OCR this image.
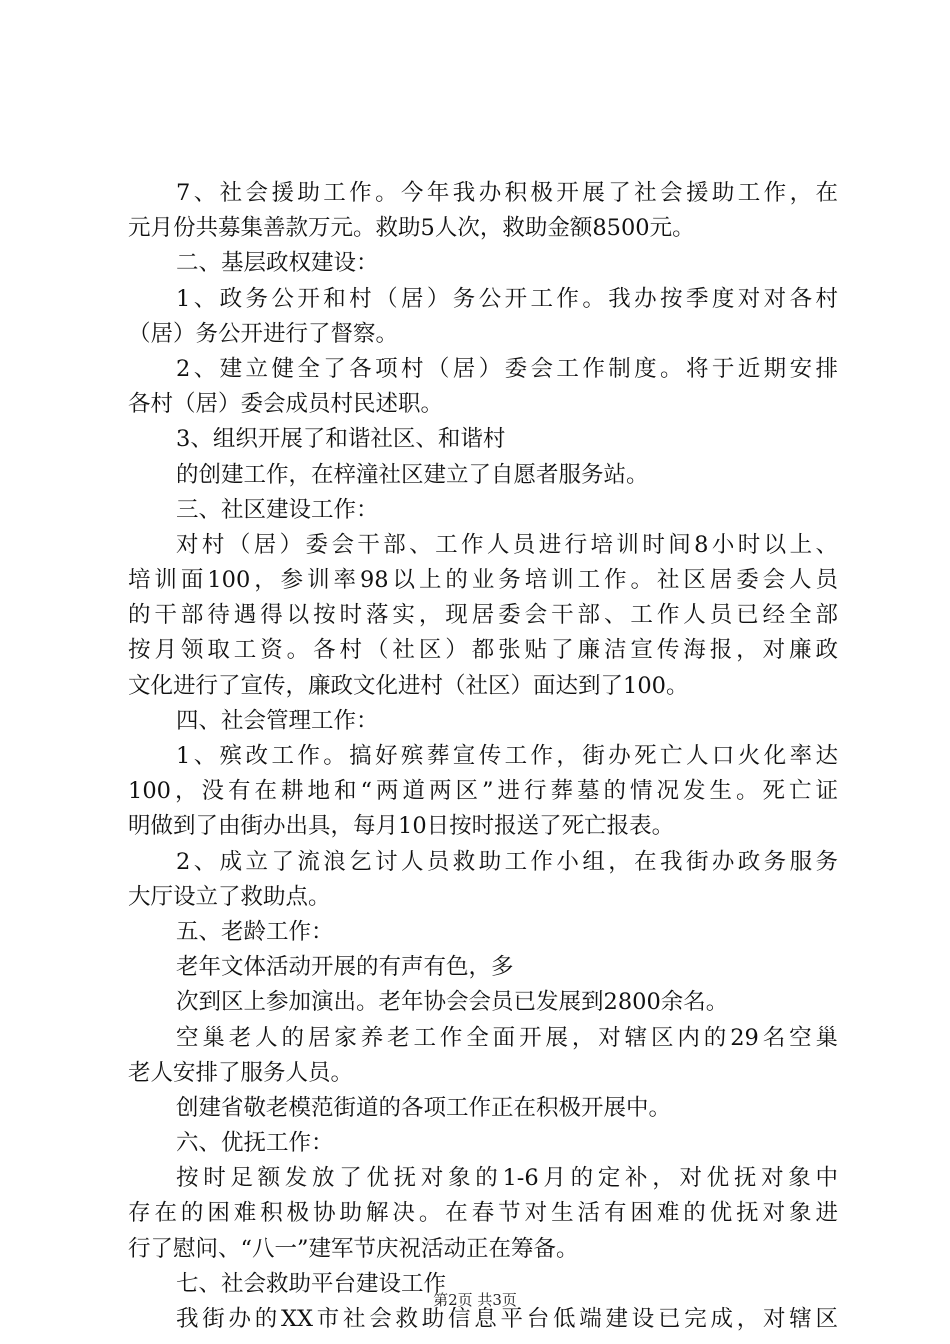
7、社会援助工作。今年我办积极开展了社会援助工作，在
元月份共募集善款万元。救助5人次，救助金额8500元。
二、基层政权建设：
1、政务公开和村（居）务公开工作。我办按季度对对各村
（居）务公开进行了督察。
2、建立健全了各项村（居）委会工作制度。将于近期安排
各村（居）委会成员村民述职。
3、组织开展了和谐社区、和谐村
的创建工作，在梓潼社区建立了自愿者服务站。
三、社区建设工作：
对村（居）委会干部、工作人员进行培训时间8小时以上、
培训面100，参训率98以上的业务培训工作。社区居委会人员
的干部待遇得以按时落实，现居委会干部、工作人员已经全部
按月领取工资。各村（社区）都张贴了廉洁宣传海报，对廉政
文化进行了宣传，廉政文化进村（社区）面达到了100。
四、社会管理工作：
1、殡改工作。搞好殡葬宣传工作，街办死亡人口火化率达
100，没有在耕地和“两道两区”进行葬墓的情况发生。死亡证
明做到了由街办出具，每月10日按时报送了死亡报表。
2、成立了流浪乞讨人员救助工作小组，在我街办政务服务
大厅设立了救助点。
五、老龄工作：
老年文体活动开展的有声有色，多
次到区上参加演出。老年协会会员已发展到2800余名。
空巢老人的居家养老工作全面开展，对辖区内的29名空巢
老人安排了服务人员。
创建省敬老模范街道的各项工作正在积极开展中。
六、优抚工作：
按时足额发放了优抚对象的1-6月的定补，对优抚对象中
存在的困难积极协助解决。在春节对生活有困难的优抚对象进
行了慰问、“八一”建军节庆祝活动正在筹备。
七、社会救助平台建设工作
我街办的XX市社会救助信息平台低端建设已完成，对辖区
第2页 共3页
